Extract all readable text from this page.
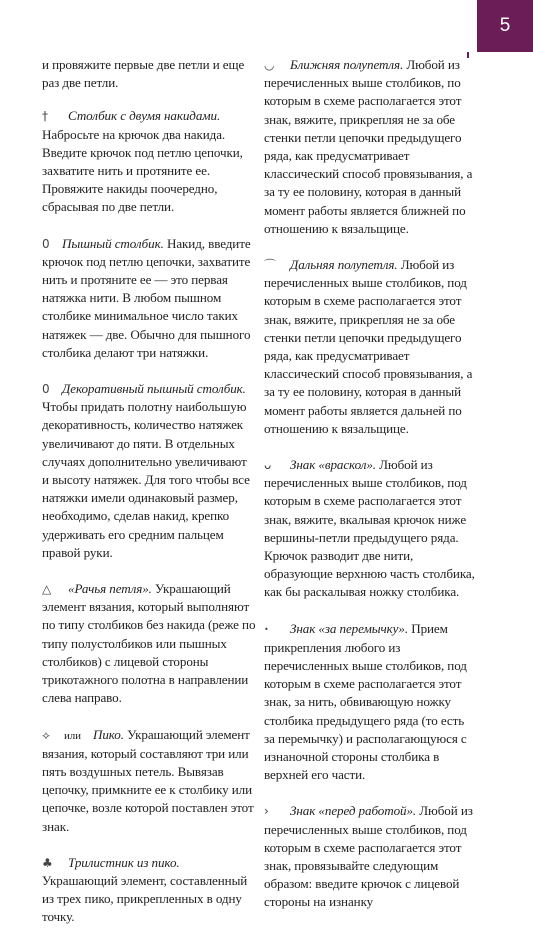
5

и провяжите первые две петли и еще раз две петли.

† Столбик с двумя накидами. Набросьте на крючок два накида. Введите крючок под петлю цепочки, захватите нить и протяните ее. Провяжите накиды поочередно, сбрасывая по две петли.

0 Пышный столбик. Накид, введите крючок под петлю цепочки, захватите нить и протяните ее — это первая натяжка нити. В любом пышном столбике минимальное число таких натяжек — две. Обычно для пышного столбика делают три натяжки.

0 Декоративный пышный столбик. Чтобы придать полотну наибольшую декоративность, количество натяжек увеличивают до пяти. В отдельных случаях дополнительно увеличивают и высоту натяжек. Для того чтобы все натяжки имели одинаковый размер, необходимо, сделав накид, крепко удерживать его средним пальцем правой руки.

△ «Рачья петля». Украшающий элемент вязания, который выполняют по типу столбиков без накида (реже по типу полустолбиков или пышных столбиков) с лицевой стороны трикотажного полотна в направлении слева направо.

⟡ или Пико. Украшающий элемент вязания, который составляют три или пять воздушных петель. Вывязав цепочку, примкните ее к столбику или цепочке, возле которой поставлен этот знак.

♣ Трилистник из пико. Украшающий элемент, составленный из трех пико, прикрепленных в одну точку.

◡ Ближняя полупетля. Любой из перечисленных выше столбиков, по которым в схеме располагается этот знак, вяжите, прикрепляя не за обе стенки петли цепочки предыдущего ряда, как предусматривает классический способ провязывания, а за ту ее половину, которая в данный момент работы является ближней по отношению к вязальщице.

⌒ Дальняя полупетля. Любой из перечисленных выше столбиков, под которым в схеме располагается этот знак, вяжите, прикрепляя не за обе стенки петли цепочки предыдущего ряда, как предусматривает классический способ провязывания, а за ту ее половину, которая в данный момент работы является дальней по отношению к вязальщице.

ᴗ Знак «враскол». Любой из перечисленных выше столбиков, под которым в схеме располагается этот знак, вяжите, вкалывая крючок ниже вершины-петли предыдущего ряда. Крючок разводит две нити, образующие верхнюю часть столбика, как бы раскалывая ножку столбика.

• Знак «за перемычку». Прием прикрепления любого из перечисленных выше столбиков, под которым в схеме располагается этот знак, за нить, обвивающую ножку столбика предыдущего ряда (то есть за перемычку) и располагающуюся с изнаночной стороны столбика в верхней его части.

› Знак «перед работой». Любой из перечисленных выше столбиков, под которым в схеме располагается этот знак, провязывайте следующим образом: введите крючок с лицевой стороны на изнанку
